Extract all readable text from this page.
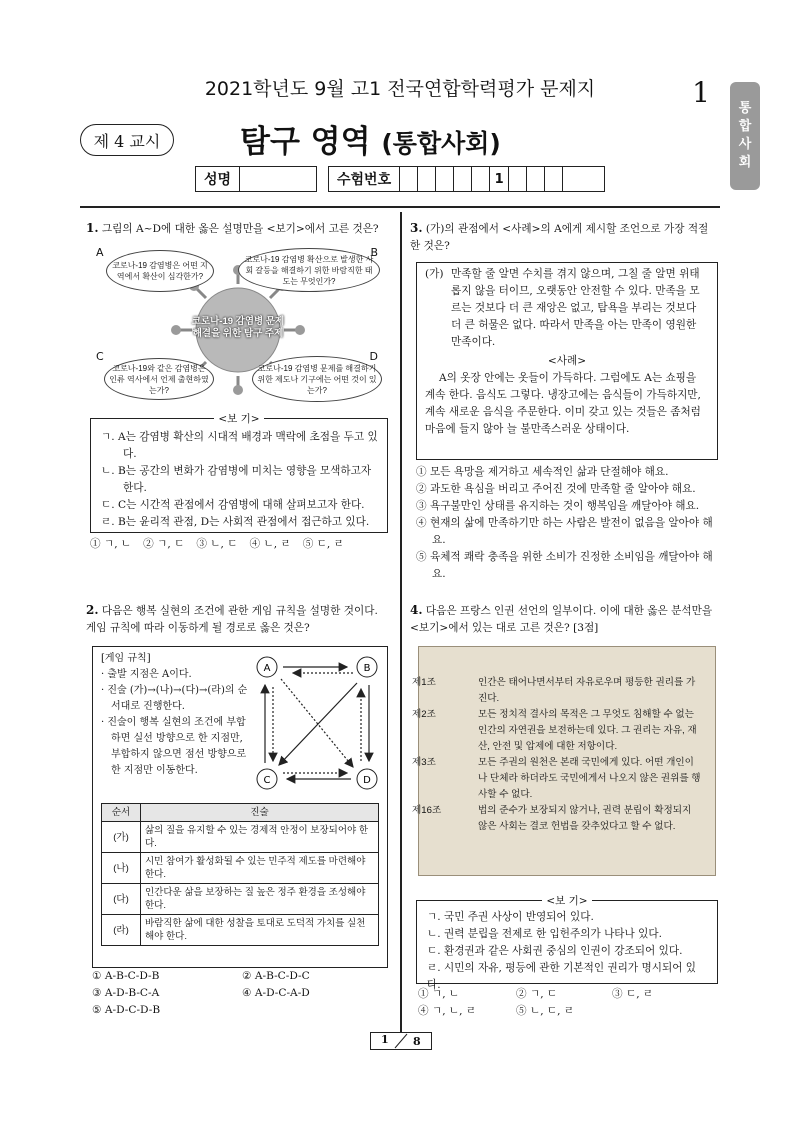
2021학년도 9월 고1 전국연합학력평가 문제지	1 통
합
사
회
제 4 교시	탐구 영역 (통합사회)
성명	수험번호	1
1. 그림의 A~D에 대한 옳은 설명만을 <보기>에서 고른 것은?
코로나-19 감염병 문제 해결을 위한 탐구 주제
A	B
C	D
코로나-19 감염병은 어떤 지역에서 확산이 심각한가?
코로나-19 감염병 확산으로 발생한 사회 갈등을 해결하기 위한 바람직한 태도는 무엇인가?
코로나-19와 같은 감염병은 인류 역사에서 언제 출현하였는가?
코로나-19 감염병 문제를 해결하기 위한 제도나 기구에는 어떤 것이 있는가?
<보 기>
ㄱ. A는 감염병 확산의 시대적 배경과 맥락에 초점을 두고 있다.
ㄴ. B는 공간의 변화가 감염병에 미치는 영향을 모색하고자 한다.
ㄷ. C는 시간적 관점에서 감염병에 대해 살펴보고자 한다.
ㄹ. B는 윤리적 관점, D는 사회적 관점에서 접근하고 있다.
① ㄱ, ㄴ ② ㄱ, ㄷ ③ ㄴ, ㄷ ④ ㄴ, ㄹ ⑤ ㄷ, ㄹ
2. 다음은 행복 실현의 조건에 관한 게임 규칙을 설명한 것이다. 게임 규칙에 따라 이동하게 될 경로로 옳은 것은?
[게임 규칙]
· 출발 지점은 A이다.
· 진술 (가)→(나)→(다)→(라)의 순서대로 진행한다.
· 진술이 행복 실현의 조건에 부합하면 실선 방향으로 한 지점만, 부합하지 않으면 점선 방향으로 한 지점만 이동한다.
A	B
C	D
순서	진술
(가)	삶의 질을 유지할 수 있는 경제적 안정이 보장되어야 한다.
(나)	시민 참여가 활성화될 수 있는 민주적 제도를 마련해야 한다.
(다)	인간다운 삶을 보장하는 질 높은 정주 환경을 조성해야 한다.
(라)	바람직한 삶에 대한 성찰을 토대로 도덕적 가치를 실천해야 한다.
① A-B-C-D-B	② A-B-C-D-C
③ A-D-B-C-A	④ A-D-C-A-D
⑤ A-D-C-D-B
3. (가)의 관점에서 <사례>의 A에게 제시할 조언으로 가장 적절한 것은?
(가) 만족할 줄 알면 수치를 겪지 않으며, 그칠 줄 알면 위태롭지 않을 터이므, 오랫동안 안전할 수 있다. 만족을 모르는 것보다 더 큰 재앙은 없고, 탐욕을 부리는 것보다 더 큰 허물은 없다. 따라서 만족을 아는 만족이 영원한 만족이다.
<사례>
A의 옷장 안에는 옷들이 가득하다. 그럼에도 A는 쇼핑을 계속 한다. 음식도 그렇다. 냉장고에는 음식들이 가득하지만, 계속 새로운 음식을 주문한다. 이미 갖고 있는 것들은 좀처럼 마음에 들지 않아 늘 불만족스러운 상태이다.
① 모든 욕망을 제거하고 세속적인 삶과 단절해야 해요.
② 과도한 욕심을 버리고 주어진 것에 만족할 줄 알아야 해요.
③ 욕구불만인 상태를 유지하는 것이 행복임을 깨달아야 해요.
④ 현재의 삶에 만족하기만 하는 사람은 발전이 없음을 알아야 해요.
⑤ 육체적 쾌락 충족을 위한 소비가 진정한 소비임을 깨달아야 해요.
4. 다음은 프랑스 인권 선언의 일부이다. 이에 대한 옳은 분석만을 <보기>에서 있는 대로 고른 것은? [3점]
제1조	인간은 태어나면서부터 자유로우며 평등한 권리를 가진다.
제2조	모든 정치적 결사의 목적은 그 무엇도 침해할 수 없는 인간의 자연권을 보전하는데 있다. 그 권리는 자유, 재산, 안전 및 압제에 대한 저항이다.
제3조	모든 주권의 원천은 본래 국민에게 있다. 어떤 개인이나 단체라 하더라도 국민에게서 나오지 않은 권위를 행사할 수 없다.
제16조	법의 준수가 보장되지 않거나, 권력 분립이 확정되지 않은 사회는 결코 헌법을 갖추었다고 할 수 없다.
<보 기>
ㄱ. 국민 주권 사상이 반영되어 있다.
ㄴ. 권력 분립을 전제로 한 입헌주의가 나타나 있다.
ㄷ. 환경권과 같은 사회권 중심의 인권이 강조되어 있다.
ㄹ. 시민의 자유, 평등에 관한 기본적인 권리가 명시되어 있다.
① ㄱ, ㄴ	② ㄱ, ㄷ	③ ㄷ, ㄹ
④ ㄱ, ㄴ, ㄹ	⑤ ㄴ, ㄷ, ㄹ
1 8
